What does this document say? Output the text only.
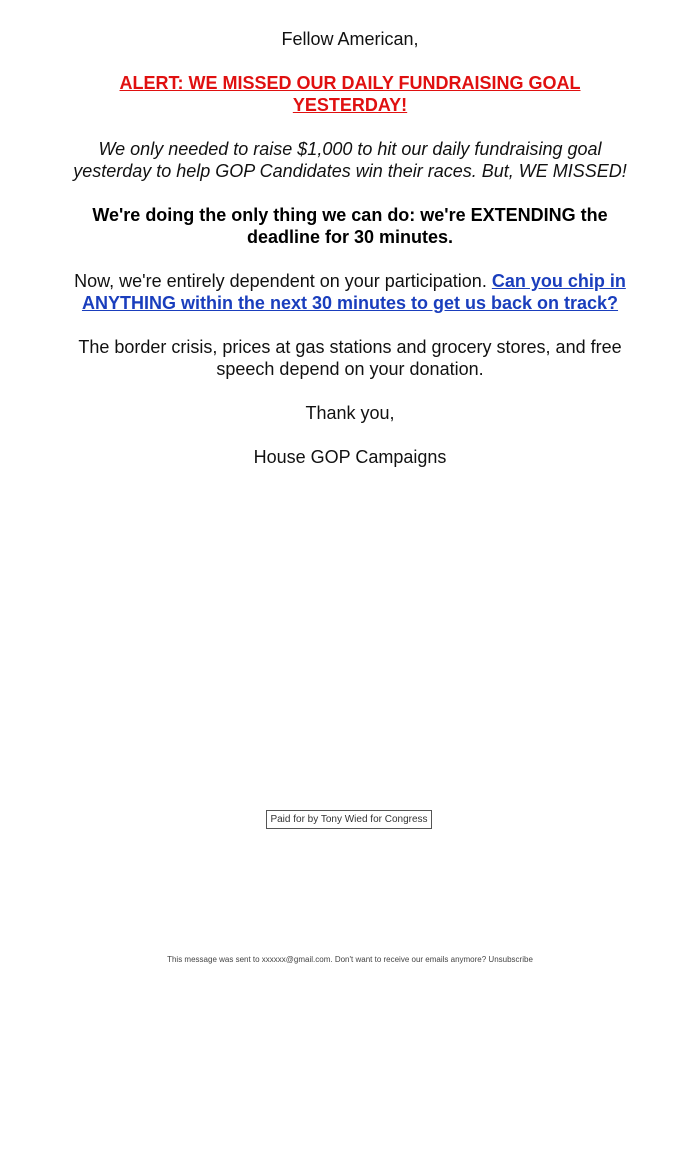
Fellow American,

ALERT: WE MISSED OUR DAILY FUNDRAISING GOAL YESTERDAY!

We only needed to raise $1,000 to hit our daily fundraising goal yesterday to help GOP Candidates win their races. But, WE MISSED!

We're doing the only thing we can do: we're EXTENDING the deadline for 30 minutes.

Now, we're entirely dependent on your participation. Can you chip in ANYTHING within the next 30 minutes to get us back on track?

The border crisis, prices at gas stations and grocery stores, and free speech depend on your donation.

Thank you,

House GOP Campaigns

Paid for by Tony Wied for Congress
This message was sent to xxxxxx@gmail.com. Don't want to receive our emails anymore? Unsubscribe
